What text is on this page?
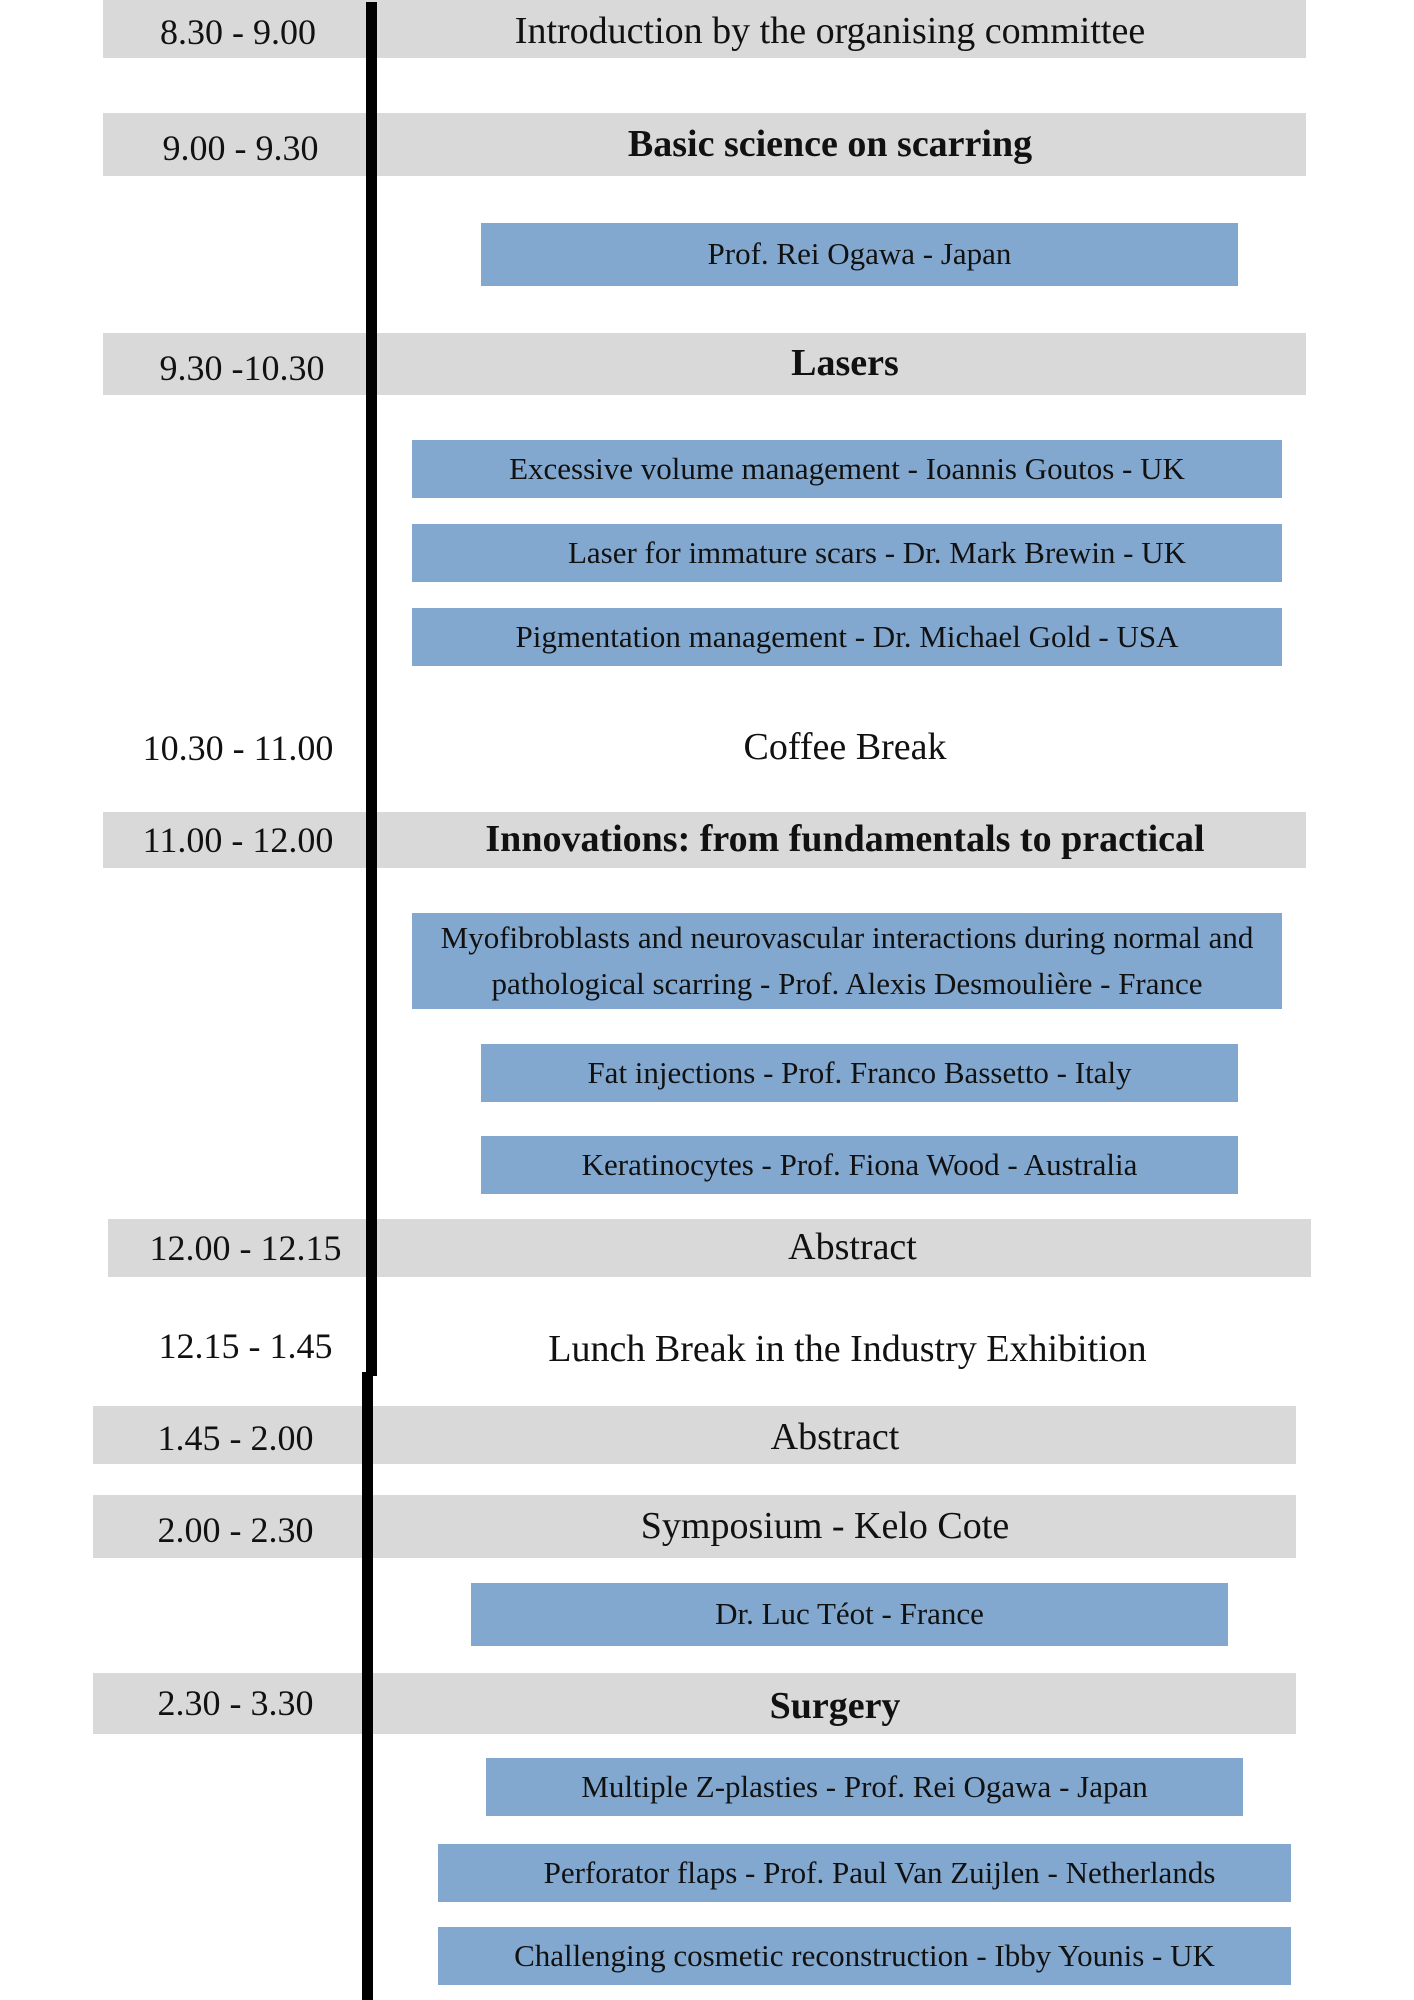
8.30 - 9.00	Introduction by the organising committee
9.00 - 9.30	Basic science on scarring
Prof. Rei Ogawa - Japan
9.30 -10.30	Lasers
Excessive volume management - Ioannis Goutos - UK
Laser for immature scars - Dr. Mark Brewin - UK
Pigmentation management - Dr. Michael Gold - USA
10.30 - 11.00	Coffee Break
11.00 - 12.00	Innovations: from fundamentals to practical
Myofibroblasts and neurovascular interactions during normal and pathological scarring - Prof. Alexis Desmoulière - France
Fat injections - Prof. Franco Bassetto - Italy
Keratinocytes - Prof. Fiona Wood - Australia
12.00 - 12.15	Abstract
12.15 - 1.45	Lunch Break in the Industry Exhibition
1.45 - 2.00	Abstract
2.00 - 2.30	Symposium - Kelo Cote
Dr. Luc Téot - France
2.30 - 3.30	Surgery
Multiple Z-plasties - Prof. Rei Ogawa - Japan
Perforator flaps - Prof. Paul Van Zuijlen - Netherlands
Challenging cosmetic reconstruction - Ibby Younis - UK
